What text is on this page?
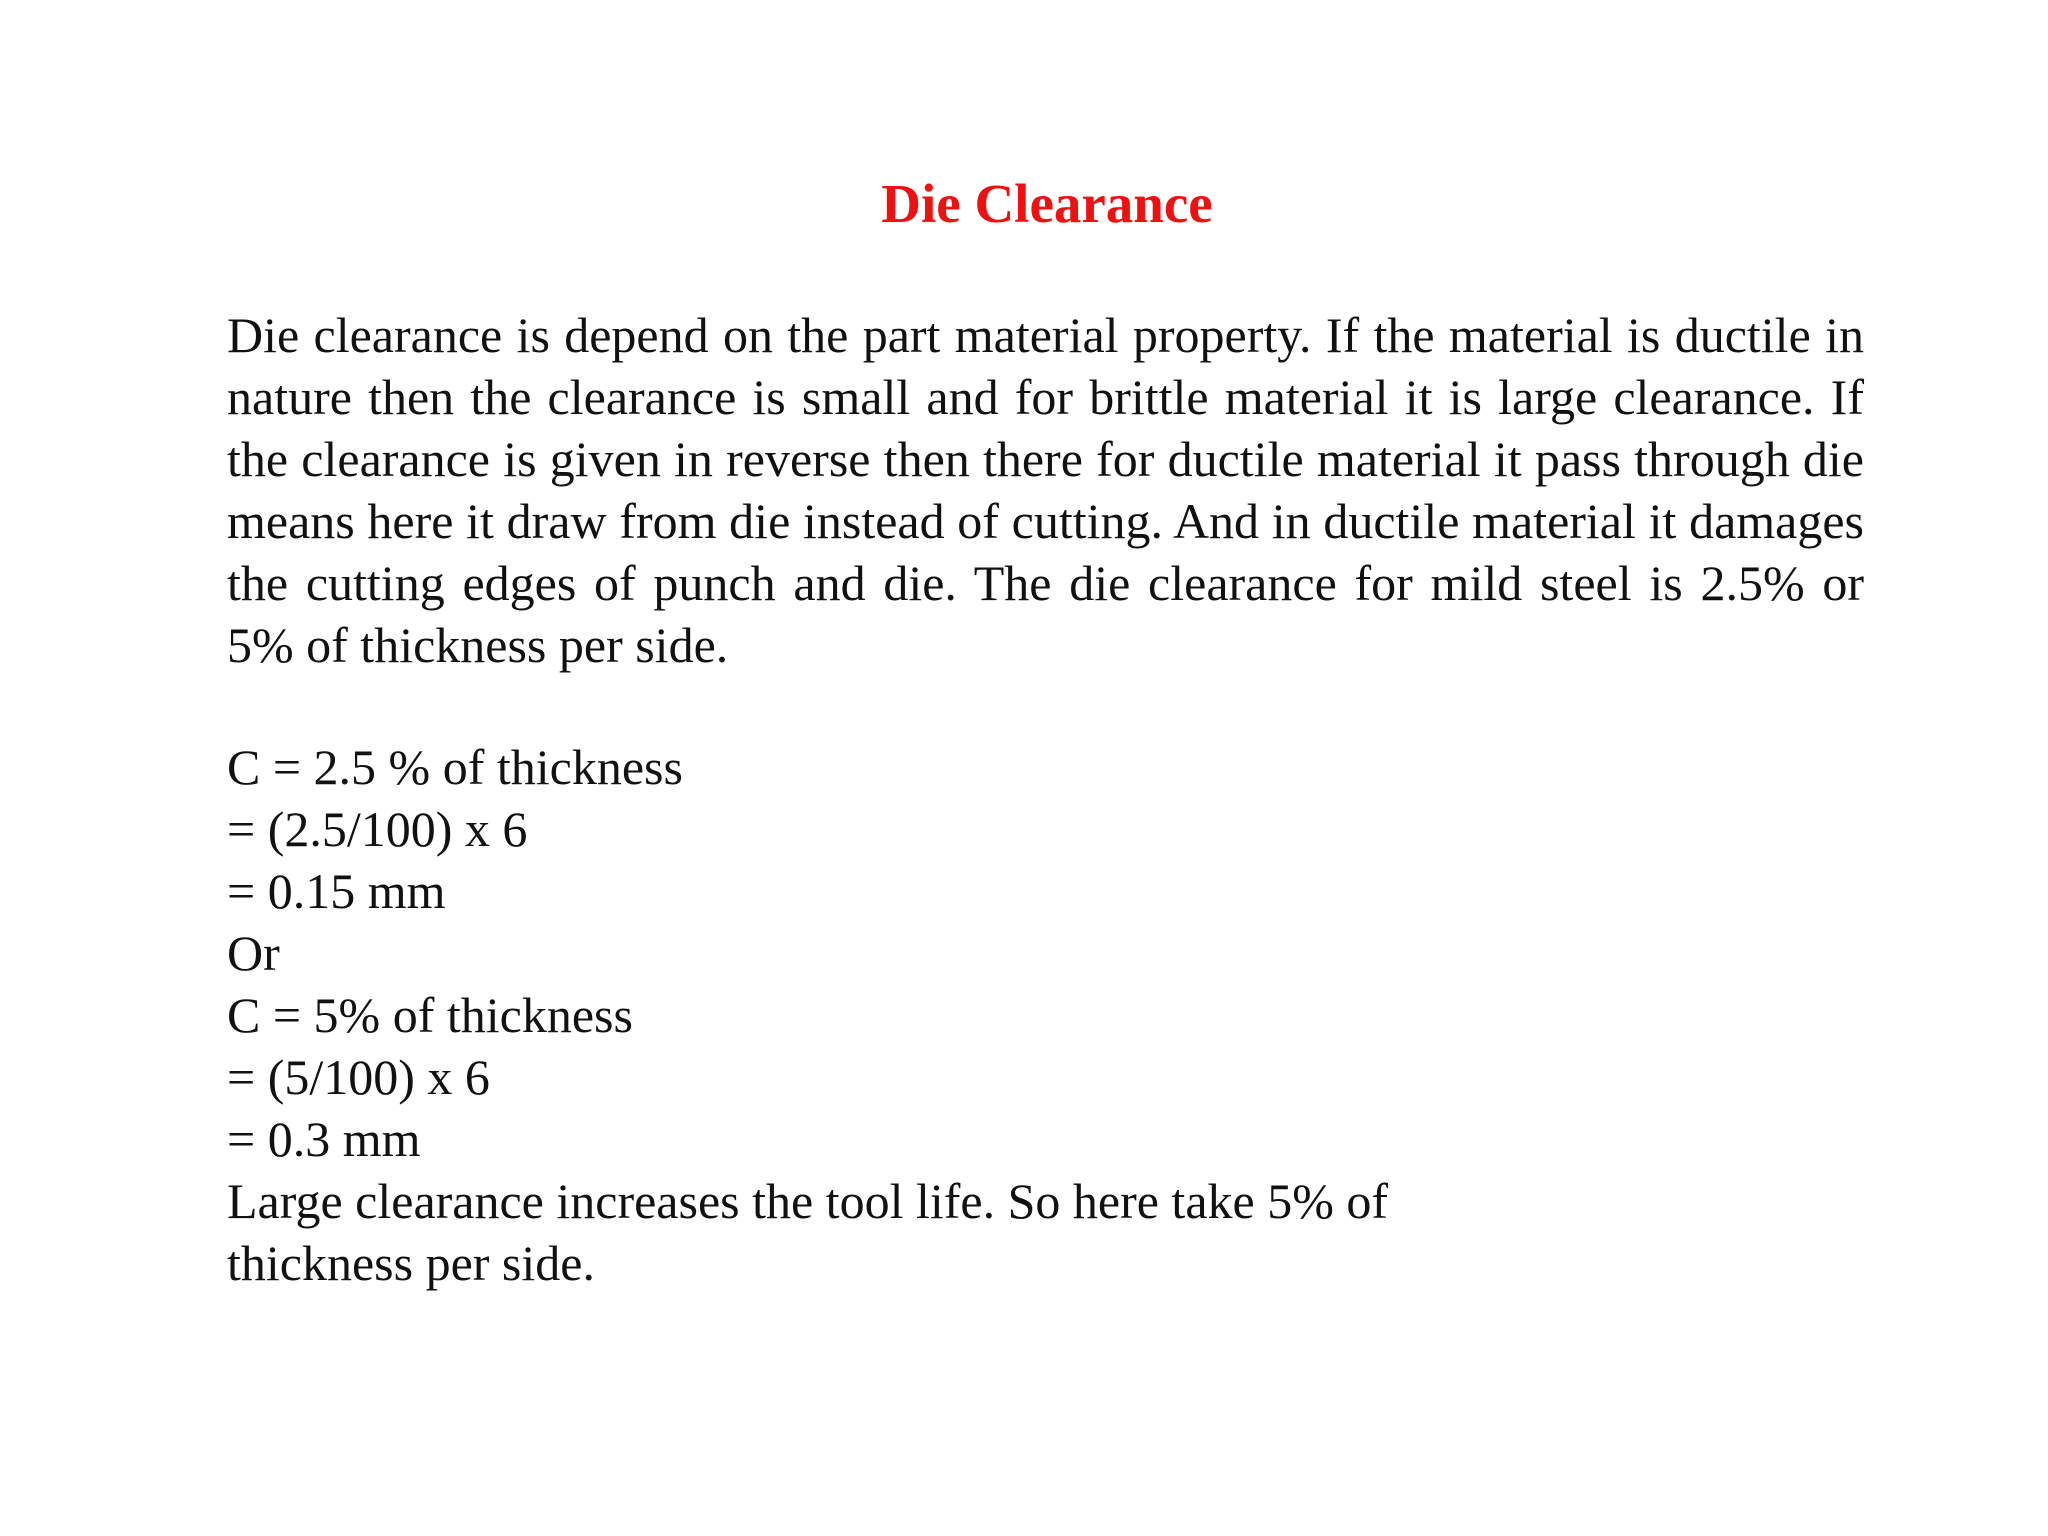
Die Clearance
Die clearance is depend on the part material property. If the material is ductile in nature then the clearance is small and for brittle material it is large clearance. If the clearance is given in reverse then there for ductile material it pass through die means here it draw from die instead of cutting. And in ductile material it damages the cutting edges of punch and die. The die clearance for mild steel is 2.5% or 5% of thickness per side.
C = 2.5 % of thickness
= (2.5/100) x 6
= 0.15 mm
Or
C = 5% of thickness
= (5/100) x 6
= 0.3 mm
Large clearance increases the tool life. So here take 5% of
thickness per side.
